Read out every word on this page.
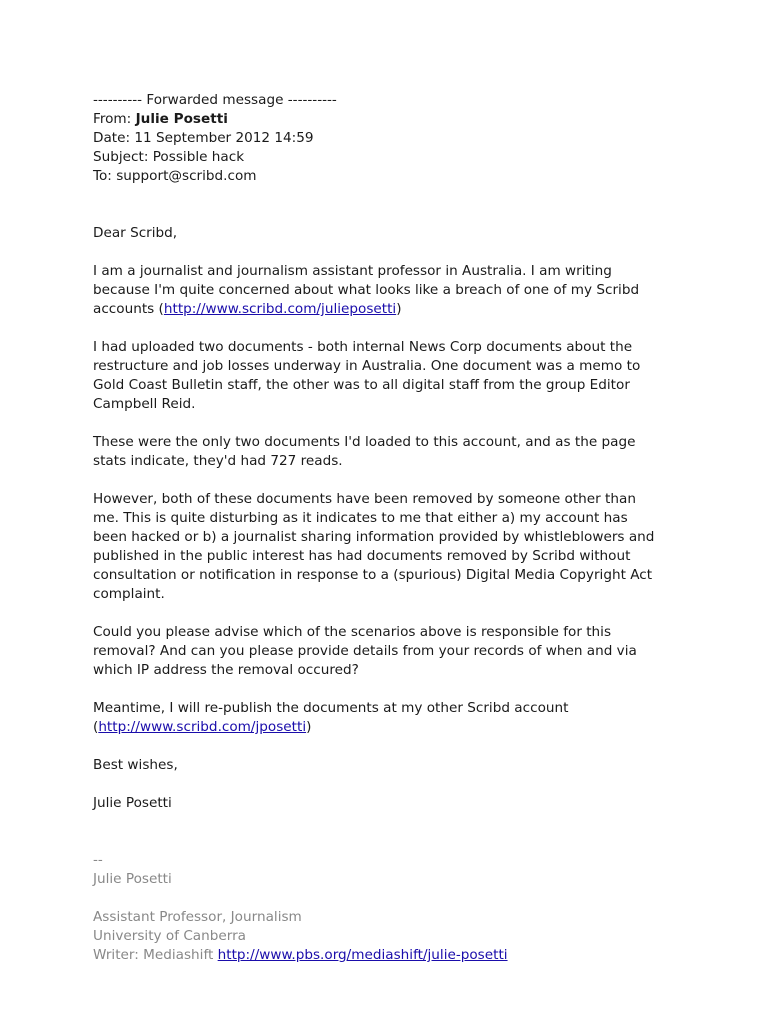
---------- Forwarded message ----------
From: Julie Posetti
Date: 11 September 2012 14:59
Subject: Possible hack
To: support@scribd.com
Dear Scribd,
I am a journalist and journalism assistant professor in Australia. I am writing
because I'm quite concerned about what looks like a breach of one of my Scribd
accounts (http://www.scribd.com/julieposetti)
I had uploaded two documents - both internal News Corp documents about the
restructure and job losses underway in Australia. One document was a memo to
Gold Coast Bulletin staff, the other was to all digital staff from the group Editor
Campbell Reid.
These were the only two documents I'd loaded to this account, and as the page
stats indicate, they'd had 727 reads.
However, both of these documents have been removed by someone other than
me. This is quite disturbing as it indicates to me that either a) my account has
been hacked or b) a journalist sharing information provided by whistleblowers and
published in the public interest has had documents removed by Scribd without
consultation or notification in response to a (spurious) Digital Media Copyright Act
complaint.
Could you please advise which of the scenarios above is responsible for this
removal? And can you please provide details from your records of when and via
which IP address the removal occured?
Meantime, I will re-publish the documents at my other Scribd account
(http://www.scribd.com/jposetti)
Best wishes,
Julie Posetti
--
Julie Posetti
Assistant Professor, Journalism
University of Canberra
Writer: Mediashift http://www.pbs.org/mediashift/julie-posetti
